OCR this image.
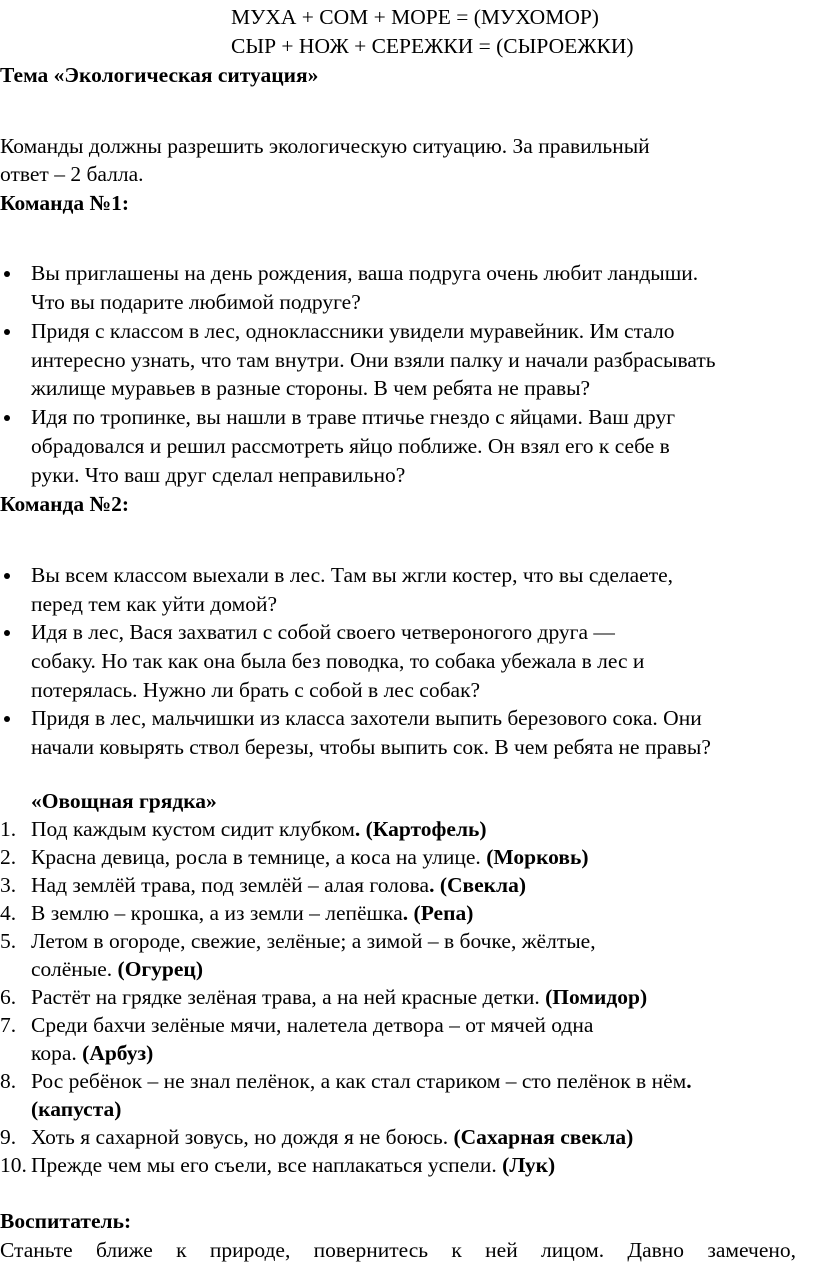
МУХА + СОМ + МОРЕ = (МУХОМОР)
СЫР + НОЖ + СЕРЕЖКИ = (СЫРОЕЖКИ)
Тема «Экологическая ситуация»
Команды должны разрешить экологическую ситуацию. За правильный
ответ – 2 балла.
Команда №1:
Вы приглашены на день рождения, ваша подруга очень любит ландыши.
Что вы подарите любимой подруге?
Придя с классом в лес, одноклассники увидели муравейник. Им стало
интересно узнать, что там внутри. Они взяли палку и начали разбрасывать
жилище муравьев в разные стороны. В чем ребята не правы?
Идя по тропинке, вы нашли в траве птичье гнездо с яйцами. Ваш друг
обрадовался и решил рассмотреть яйцо поближе. Он взял его к себе в
руки. Что ваш друг сделал неправильно?
Команда №2:
Вы всем классом выехали в лес. Там вы жгли костер, что вы сделаете,
перед тем как уйти домой?
Идя в лес, Вася захватил с собой своего четвероногого друга —
собаку. Но так как она была без поводка, то собака убежала в лес и
потерялась. Нужно ли брать с собой в лес собак?
Придя в лес, мальчишки из класса захотели выпить березового сока. Они
начали ковырять ствол березы, чтобы выпить сок. В чем ребята не правы?
«Овощная грядка»
1. Под каждым кустом сидит клубком. (Картофель)
2. Красна девица, росла в темнице, а коса на улице. (Морковь)
3. Над землёй трава, под землёй – алая голова. (Свекла)
4. В землю – крошка, а из земли – лепёшка. (Репа)
5. Летом в огороде, свежие, зелёные; а зимой – в бочке, жёлтые,
солёные. (Огурец)
6. Растёт на грядке зелёная трава, а на ней красные детки. (Помидор)
7. Среди бахчи зелёные мячи, налетела детвора – от мячей одна
кора. (Арбуз)
8. Рос ребёнок – не знал пелёнок, а как стал стариком – сто пелёнок в нём.
(капуста)
9. Хоть я сахарной зовусь, но дождя я не боюсь. (Сахарная свекла)
10. Прежде чем мы его съели, все наплакаться успели. (Лук)
Воспитатель:
Станьте ближе к природе, повернитесь к ней лицом. Давно замечено,
